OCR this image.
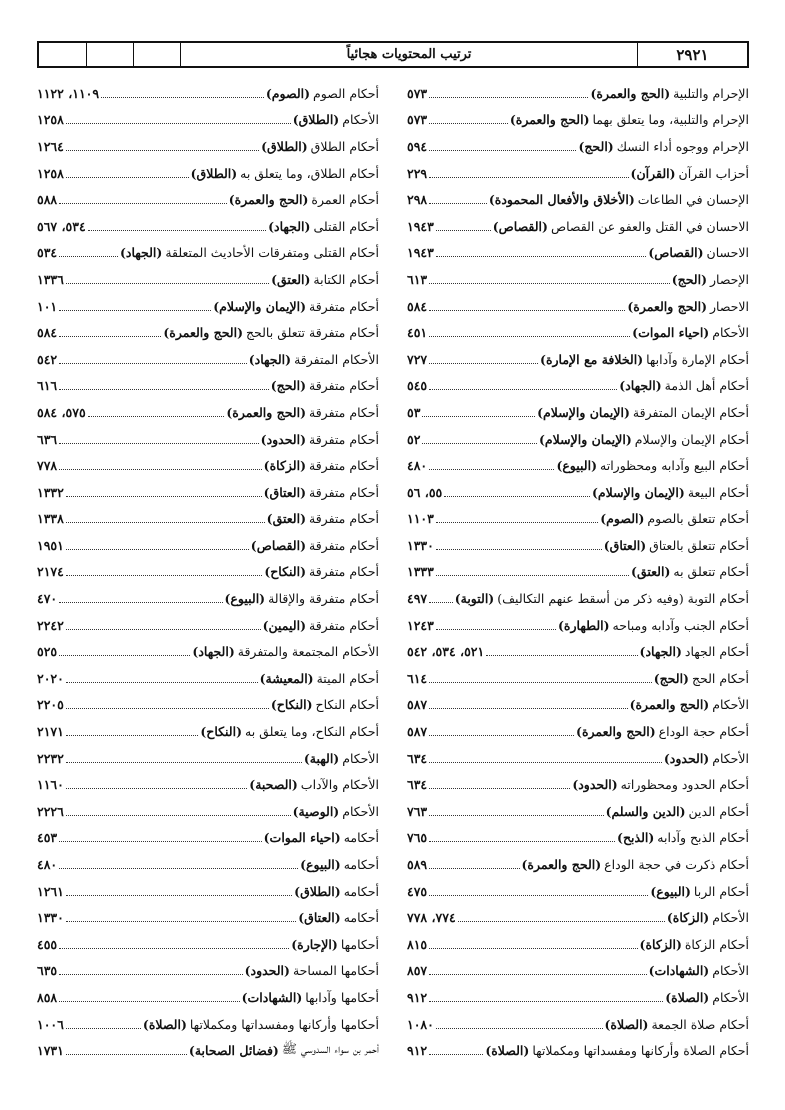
ترتيب المحتويات هجائياً	٢٩٢١
أحكام الصوم
(الصوم)
١١٠٩، ١١٢٢
الأحكام
(الطلاق)
١٢٥٨
أحكام الطلاق
(الطلاق)
١٢٦٤
أحكام الطلاق، وما يتعلق به
(الطلاق)
١٢٥٨
أحكام العمرة
(الحج والعمرة)
٥٨٨
أحكام القتلى
(الجهاد)
٥٣٤، ٥٦٧
أحكام القتلى ومتفرقات الأحاديث المتعلقة
(الجهاد)
٥٣٤
أحكام الكتابة
(العتق)
١٣٣٦
أحكام متفرقة
(الإيمان والإسلام)
١٠١
أحكام متفرقة تتعلق بالحج
(الحج والعمرة)
٥٨٤
الأحكام المتفرقة
(الجهاد)
٥٤٢
أحكام متفرقة
(الحج)
٦١٦
أحكام متفرقة
(الحج والعمرة)
٥٧٥، ٥٨٤
أحكام متفرقة
(الحدود)
٦٣٦
أحكام متفرقة
(الزكاة)
٧٧٨
أحكام متفرقة
(العتاق)
١٣٣٢
أحكام متفرقة
(العتق)
١٣٣٨
أحكام متفرقة
(القصاص)
١٩٥١
أحكام متفرقة
(النكاح)
٢١٧٤
أحكام متفرقة والإقالة
(البيوع)
٤٧٠
أحكام متفرقة
(اليمين)
٢٢٤٢
الأحكام المجتمعة والمتفرقة
(الجهاد)
٥٢٥
أحكام الميتة
(المعيشة)
٢٠٢٠
أحكام النكاح
(النكاح)
٢٢٠٥
أحكام النكاح، وما يتعلق به
(النكاح)
٢١٧١
الأحكام
(الهبة)
٢٢٣٢
الأحكام والآداب
(الصحبة)
١١٦٠
الأحكام
(الوصية)
٢٢٢٦
أحكامه
(احياء الموات)
٤٥٣
أحكامه
(البيوع)
٤٨٠
أحكامه
(الطلاق)
١٢٦١
أحكامه
(العتاق)
١٣٣٠
أحكامها
(الإجارة)
٤٥٥
أحكامها المساحة
(الحدود)
٦٣٥
أحكامها وآدابها
(الشهادات)
٨٥٨
أحكامها وأركانها ومفسداتها ومكملاتها
(الصلاة)
١٠٠٦
أحمر بن سواء السدوسي ﷺ
(فضائل الصحابة)
١٧٣١
الإحرام والتلبية
(الحج والعمرة)
٥٧٣
الإحرام والتلبية، وما يتعلق بهما
(الحج والعمرة)
٥٧٣
الإحرام ووجوه أداء النسك
(الحج)
٥٩٤
أحزاب القرآن
(القرآن)
٢٢٩
الإحسان في الطاعات
(الأخلاق والأفعال المحمودة)
٢٩٨
الاحسان في القتل والعفو عن القصاص
(القصاص)
١٩٤٣
الاحسان
(القصاص)
١٩٤٣
الإحصار
(الحج)
٦١٣
الاحصار
(الحج والعمرة)
٥٨٤
الأحكام
(احياء الموات)
٤٥١
أحكام الإمارة وآدابها
(الخلافة مع الإمارة)
٧٢٧
أحكام أهل الذمة
(الجهاد)
٥٤٥
أحكام الإيمان المتفرقة
(الإيمان والإسلام)
٥٣
أحكام الإيمان والإسلام
(الإيمان والإسلام)
٥٢
أحكام البيع وآدابه ومحظوراته
(البيوع)
٤٨٠
أحكام البيعة
(الإيمان والإسلام)
٥٥، ٥٦
أحكام تتعلق بالصوم
(الصوم)
١١٠٣
أحكام تتعلق بالعتاق
(العتاق)
١٣٣٠
أحكام تتعلق به
(العتق)
١٣٣٣
أحكام التوبة (وفيه ذكر من أسقط عنهم التكاليف)
(التوبة)
٤٩٧
أحكام الجنب وآدابه ومباحه
(الطهارة)
١٢٤٣
أحكام الجهاد
(الجهاد)
٥٢١، ٥٣٤، ٥٤٢
أحكام الحج
(الحج)
٦١٤
الأحكام
(الحج والعمرة)
٥٨٧
أحكام حجة الوداع
(الحج والعمرة)
٥٨٧
الأحكام
(الحدود)
٦٣٤
أحكام الحدود ومحظوراته
(الحدود)
٦٣٤
أحكام الدين
(الدين والسلم)
٧٦٣
أحكام الذبح وآدابه
(الذبح)
٧٦٥
أحكام ذكرت في حجة الوداع
(الحج والعمرة)
٥٨٩
أحكام الربا
(البيوع)
٤٧٥
الأحكام
(الزكاة)
٧٧٤، ٧٧٨
أحكام الزكاة
(الزكاة)
٨١٥
الأحكام
(الشهادات)
٨٥٧
الأحكام
(الصلاة)
٩١٢
أحكام صلاة الجمعة
(الصلاة)
١٠٨٠
أحكام الصلاة وأركانها ومفسداتها ومكملاتها
(الصلاة)
٩١٢
